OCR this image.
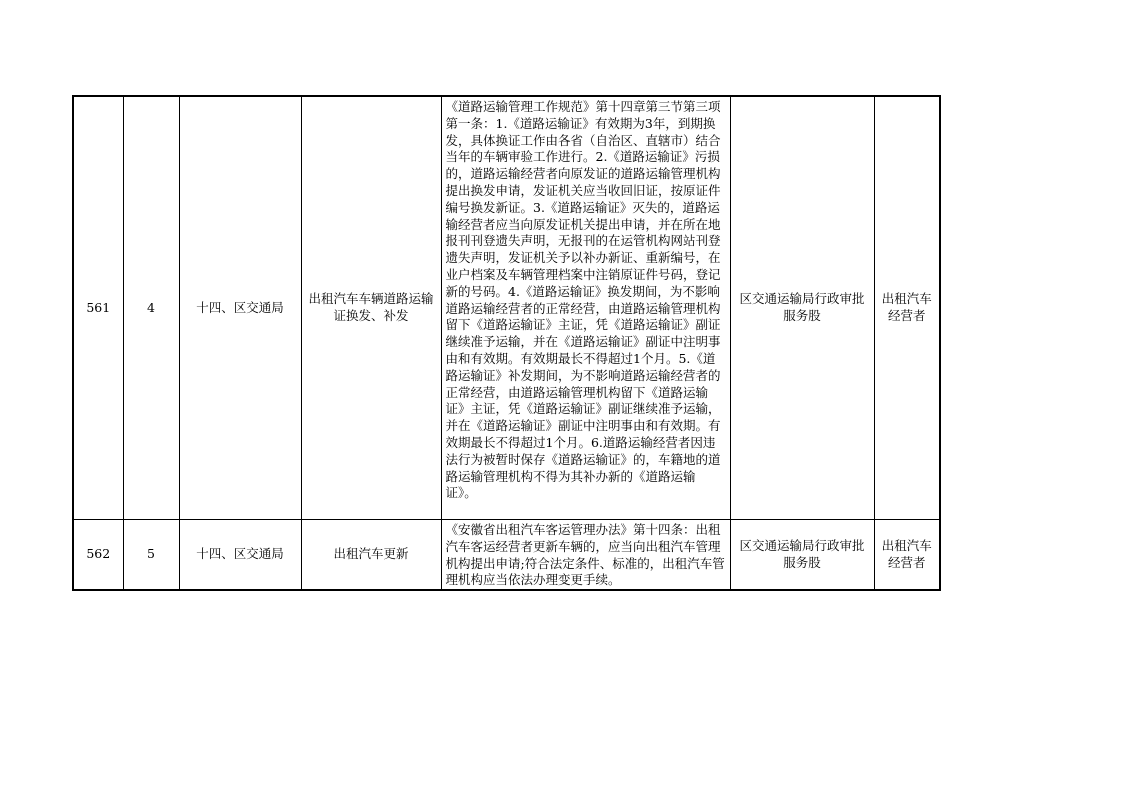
561	4	十四、区交通局	出租汽车车辆道路运输证换发、补发	《道路运输管理工作规范》第十四章第三节第三项第一条：1.《道路运输证》有效期为3年，到期换发，具体换证工作由各省（自治区、直辖市）结合当年的车辆审验工作进行。2.《道路运输证》污损的，道路运输经营者向原发证的道路运输管理机构提出换发申请，发证机关应当收回旧证，按原证件编号换发新证。3.《道路运输证》灭失的，道路运输经营者应当向原发证机关提出申请，并在所在地报刊刊登遗失声明，无报刊的在运管机构网站刊登遗失声明，发证机关予以补办新证、重新编号，在业户档案及车辆管理档案中注销原证件号码，登记新的号码。4.《道路运输证》换发期间，为不影响道路运输经营者的正常经营，由道路运输管理机构留下《道路运输证》主证，凭《道路运输证》副证继续准予运输，并在《道路运输证》副证中注明事由和有效期。有效期最长不得超过1个月。5.《道路运输证》补发期间，为不影响道路运输经营者的正常经营，由道路运输管理机构留下《道路运输证》主证，凭《道路运输证》副证继续准予运输，并在《道路运输证》副证中注明事由和有效期。有效期最长不得超过1个月。6.道路运输经营者因违法行为被暂时保存《道路运输证》的，车籍地的道路运输管理机构不得为其补办新的《道路运输证》。	区交通运输局行政审批服务股	出租汽车经营者
562	5	十四、区交通局	出租汽车更新	《安徽省出租汽车客运管理办法》第十四条：出租汽车客运经营者更新车辆的，应当向出租汽车管理机构提出申请;符合法定条件、标准的，出租汽车管理机构应当依法办理变更手续。	区交通运输局行政审批服务股	出租汽车经营者
